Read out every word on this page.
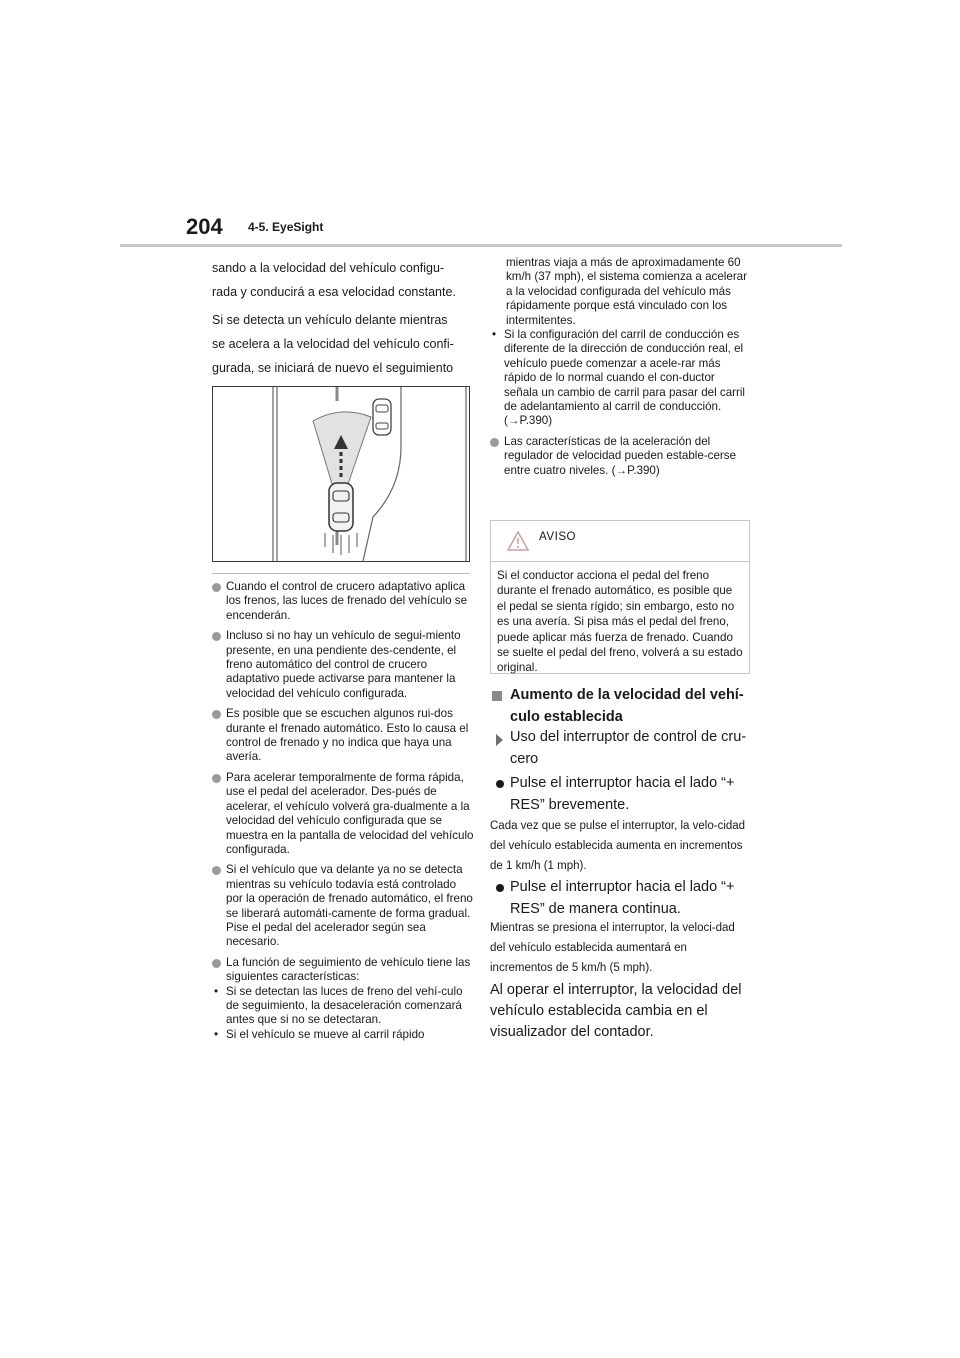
204 4-5. EyeSight

sando a la velocidad del vehículo configu-
rada y conducirá a esa velocidad constante.

Si se detecta un vehículo delante mientras
se acelera a la velocidad del vehículo confi-
gurada, se iniciará de nuevo el seguimiento

Cuando el control de crucero adaptativo aplica los frenos, las luces de frenado del vehículo se encenderán.
Incluso si no hay un vehículo de segui-miento presente, en una pendiente des-cendente, el freno automático del control de crucero adaptativo puede activarse para mantener la velocidad del vehículo configurada.
Es posible que se escuchen algunos rui-dos durante el frenado automático. Esto lo causa el control de frenado y no indica que haya una avería.
Para acelerar temporalmente de forma rápida, use el pedal del acelerador. Des-pués de acelerar, el vehículo volverá gra-dualmente a la velocidad del vehículo configurada que se muestra en la pantalla de velocidad del vehículo configurada.
Si el vehículo que va delante ya no se detecta mientras su vehículo todavía está controlado por la operación de frenado automático, el freno se liberará automáti-camente de forma gradual. Pise el pedal del acelerador según sea necesario.
La función de seguimiento de vehículo tiene las siguientes características:
• Si se detectan las luces de freno del vehí-culo de seguimiento, la desaceleración comenzará antes que si no se detectaran.
• Si el vehículo se mueve al carril rápido
mientras viaja a más de aproximadamente 60 km/h (37 mph), el sistema comienza a acelerar a la velocidad configurada del vehículo más rápidamente porque está vinculado con los intermitentes.
• Si la configuración del carril de conducción es diferente de la dirección de conducción real, el vehículo puede comenzar a acele-rar más rápido de lo normal cuando el con-ductor señala un cambio de carril para pasar del carril de adelantamiento al carril de conducción. (→P.390)
Las características de la aceleración del regulador de velocidad pueden estable-cerse entre cuatro niveles. (→P.390)
AVISO
Si el conductor acciona el pedal del freno durante el frenado automático, es posible que el pedal se sienta rígido; sin embargo, esto no es una avería. Si pisa más el pedal del freno, puede aplicar más fuerza de frenado. Cuando se suelte el pedal del freno, volverá a su estado original.
Aumento de la velocidad del vehí-culo establecida
Uso del interruptor de control de cru-cero
Pulse el interruptor hacia el lado “+ RES” brevemente.
Cada vez que se pulse el interruptor, la velo-cidad del vehículo establecida aumenta en incrementos de 1 km/h (1 mph).
Pulse el interruptor hacia el lado “+ RES” de manera continua.
Mientras se presiona el interruptor, la veloci-dad del vehículo establecida aumentará en incrementos de 5 km/h (5 mph).
Al operar el interruptor, la velocidad del vehículo establecida cambia en el visualizador del contador.
